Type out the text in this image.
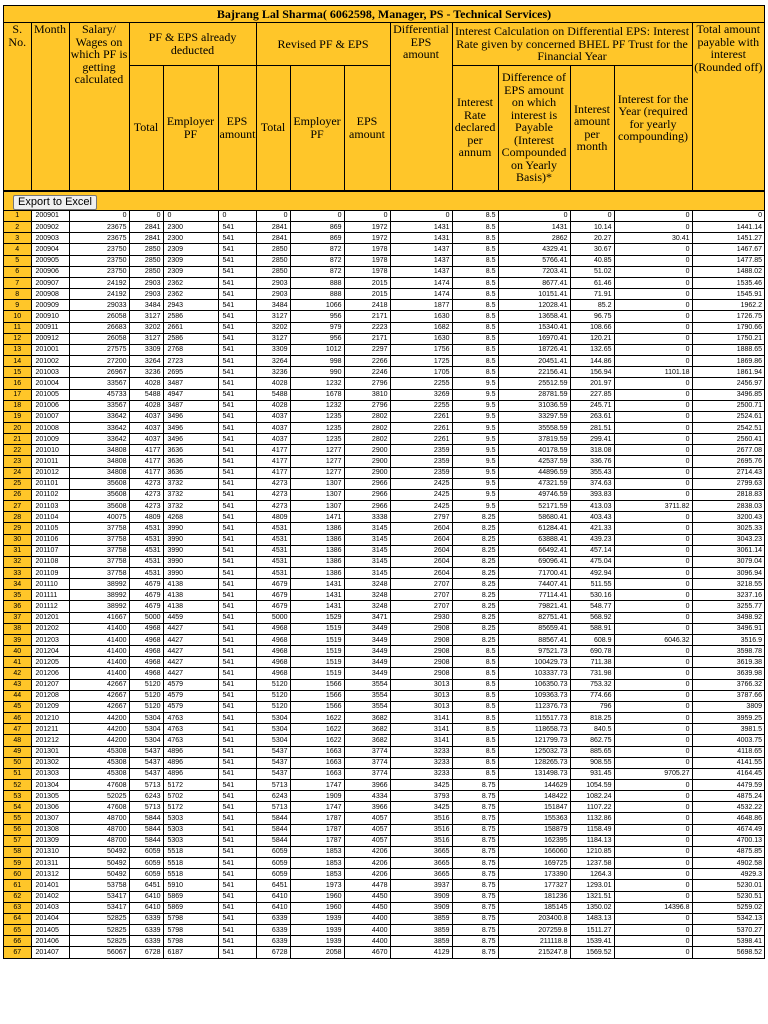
Bajrang Lal Sharma( 6062598, Manager, PS - Technical Services)
S. No.	Month	Salary/ Wages on which PF is getting calculated	PF & EPS already deducted			Revised PF & EPS			Differential EPS amount	Interest Calculation on Differential EPS: Interest Rate given by concerned BHEL PF Trust for the Financial Year				Total amount payable with interest (Rounded off)

			Total	Employer PF	EPS amount	Total	Employer PF	EPS amount		Interest Rate declared per annum	Difference of EPS amount on which interest is Payable (Interest Compounded on Yearly Basis)*	Interest amount per month	Interest for the Year (required for yearly compounding)	
Export to Excel
1	200901	0	0	0	0	0	0	0	0	8.5	0	0	0	0
2	200902	23675	2841	2300	541	2841	869	1972	1431	8.5	1431	10.14	0	1441.14
3	200903	23675	2841	2300	541	2841	869	1972	1431	8.5	2862	20.27	30.41	1451.27
4	200904	23750	2850	2309	541	2850	872	1978	1437	8.5	4329.41	30.67	0	1467.67
5	200905	23750	2850	2309	541	2850	872	1978	1437	8.5	5766.41	40.85	0	1477.85
6	200906	23750	2850	2309	541	2850	872	1978	1437	8.5	7203.41	51.02	0	1488.02
7	200907	24192	2903	2362	541	2903	888	2015	1474	8.5	8677.41	61.46	0	1535.46
8	200908	24192	2903	2362	541	2903	888	2015	1474	8.5	10151.41	71.91	0	1545.91
9	200909	29033	3484	2943	541	3484	1066	2418	1877	8.5	12028.41	85.2	0	1962.2
10	200910	26058	3127	2586	541	3127	956	2171	1630	8.5	13658.41	96.75	0	1726.75
11	200911	26683	3202	2661	541	3202	979	2223	1682	8.5	15340.41	108.66	0	1790.66
12	200912	26058	3127	2586	541	3127	956	2171	1630	8.5	16970.41	120.21	0	1750.21
13	201001	27575	3309	2768	541	3309	1012	2297	1756	8.5	18726.41	132.65	0	1888.65
14	201002	27200	3264	2723	541	3264	998	2266	1725	8.5	20451.41	144.86	0	1869.86
15	201003	26967	3236	2695	541	3236	990	2246	1705	8.5	22156.41	156.94	1101.18	1861.94
16	201004	33567	4028	3487	541	4028	1232	2796	2255	9.5	25512.59	201.97	0	2456.97
17	201005	45733	5488	4947	541	5488	1678	3810	3269	9.5	28781.59	227.85	0	3496.85
18	201006	33567	4028	3487	541	4028	1232	2796	2255	9.5	31036.59	245.71	0	2500.71
19	201007	33642	4037	3496	541	4037	1235	2802	2261	9.5	33297.59	263.61	0	2524.61
20	201008	33642	4037	3496	541	4037	1235	2802	2261	9.5	35558.59	281.51	0	2542.51
21	201009	33642	4037	3496	541	4037	1235	2802	2261	9.5	37819.59	299.41	0	2560.41
22	201010	34808	4177	3636	541	4177	1277	2900	2359	9.5	40178.59	318.08	0	2677.08
23	201011	34808	4177	3636	541	4177	1277	2900	2359	9.5	42537.59	336.76	0	2695.76
24	201012	34808	4177	3636	541	4177	1277	2900	2359	9.5	44896.59	355.43	0	2714.43
25	201101	35608	4273	3732	541	4273	1307	2966	2425	9.5	47321.59	374.63	0	2799.63
26	201102	35608	4273	3732	541	4273	1307	2966	2425	9.5	49746.59	393.83	0	2818.83
27	201103	35608	4273	3732	541	4273	1307	2966	2425	9.5	52171.59	413.03	3711.82	2838.03
28	201104	40075	4809	4268	541	4809	1471	3338	2797	8.25	58680.41	403.43	0	3200.43
29	201105	37758	4531	3990	541	4531	1386	3145	2604	8.25	61284.41	421.33	0	3025.33
30	201106	37758	4531	3990	541	4531	1386	3145	2604	8.25	63888.41	439.23	0	3043.23
31	201107	37758	4531	3990	541	4531	1386	3145	2604	8.25	66492.41	457.14	0	3061.14
32	201108	37758	4531	3990	541	4531	1386	3145	2604	8.25	69096.41	475.04	0	3079.04
33	201109	37758	4531	3990	541	4531	1386	3145	2604	8.25	71700.41	492.94	0	3096.94
34	201110	38992	4679	4138	541	4679	1431	3248	2707	8.25	74407.41	511.55	0	3218.55
35	201111	38992	4679	4138	541	4679	1431	3248	2707	8.25	77114.41	530.16	0	3237.16
36	201112	38992	4679	4138	541	4679	1431	3248	2707	8.25	79821.41	548.77	0	3255.77
37	201201	41667	5000	4459	541	5000	1529	3471	2930	8.25	82751.41	568.92	0	3498.92
38	201202	41400	4968	4427	541	4968	1519	3449	2908	8.25	85659.41	588.91	0	3496.91
39	201203	41400	4968	4427	541	4968	1519	3449	2908	8.25	88567.41	608.9	6046.32	3516.9
40	201204	41400	4968	4427	541	4968	1519	3449	2908	8.5	97521.73	690.78	0	3598.78
41	201205	41400	4968	4427	541	4968	1519	3449	2908	8.5	100429.73	711.38	0	3619.38
42	201206	41400	4968	4427	541	4968	1519	3449	2908	8.5	103337.73	731.98	0	3639.98
43	201207	42667	5120	4579	541	5120	1566	3554	3013	8.5	106350.73	753.32	0	3766.32
44	201208	42667	5120	4579	541	5120	1566	3554	3013	8.5	109363.73	774.66	0	3787.66
45	201209	42667	5120	4579	541	5120	1566	3554	3013	8.5	112376.73	796	0	3809
46	201210	44200	5304	4763	541	5304	1622	3682	3141	8.5	115517.73	818.25	0	3959.25
47	201211	44200	5304	4763	541	5304	1622	3682	3141	8.5	118658.73	840.5	0	3981.5
48	201212	44200	5304	4763	541	5304	1622	3682	3141	8.5	121799.73	862.75	0	4003.75
49	201301	45308	5437	4896	541	5437	1663	3774	3233	8.5	125032.73	885.65	0	4118.65
50	201302	45308	5437	4896	541	5437	1663	3774	3233	8.5	128265.73	908.55	0	4141.55
51	201303	45308	5437	4896	541	5437	1663	3774	3233	8.5	131498.73	931.45	9705.27	4164.45
52	201304	47608	5713	5172	541	5713	1747	3966	3425	8.75	144629	1054.59	0	4479.59
53	201305	52025	6243	5702	541	6243	1909	4334	3793	8.75	148422	1082.24	0	4875.24
54	201306	47608	5713	5172	541	5713	1747	3966	3425	8.75	151847	1107.22	0	4532.22
55	201307	48700	5844	5303	541	5844	1787	4057	3516	8.75	155363	1132.86	0	4648.86
56	201308	48700	5844	5303	541	5844	1787	4057	3516	8.75	158879	1158.49	0	4674.49
57	201309	48700	5844	5303	541	5844	1787	4057	3516	8.75	162395	1184.13	0	4700.13
58	201310	50492	6059	5518	541	6059	1853	4206	3665	8.75	166060	1210.85	0	4875.85
59	201311	50492	6059	5518	541	6059	1853	4206	3665	8.75	169725	1237.58	0	4902.58
60	201312	50492	6059	5518	541	6059	1853	4206	3665	8.75	173390	1264.3	0	4929.3
61	201401	53758	6451	5910	541	6451	1973	4478	3937	8.75	177327	1293.01	0	5230.01
62	201402	53417	6410	5869	541	6410	1960	4450	3909	8.75	181236	1321.51	0	5230.51
63	201403	53417	6410	5869	541	6410	1960	4450	3909	8.75	185145	1350.02	14396.8	5259.02
64	201404	52825	6339	5798	541	6339	1939	4400	3859	8.75	203400.8	1483.13	0	5342.13
65	201405	52825	6339	5798	541	6339	1939	4400	3859	8.75	207259.8	1511.27	0	5370.27
66	201406	52825	6339	5798	541	6339	1939	4400	3859	8.75	211118.8	1539.41	0	5398.41
67	201407	56067	6728	6187	541	6728	2058	4670	4129	8.75	215247.8	1569.52	0	5698.52
